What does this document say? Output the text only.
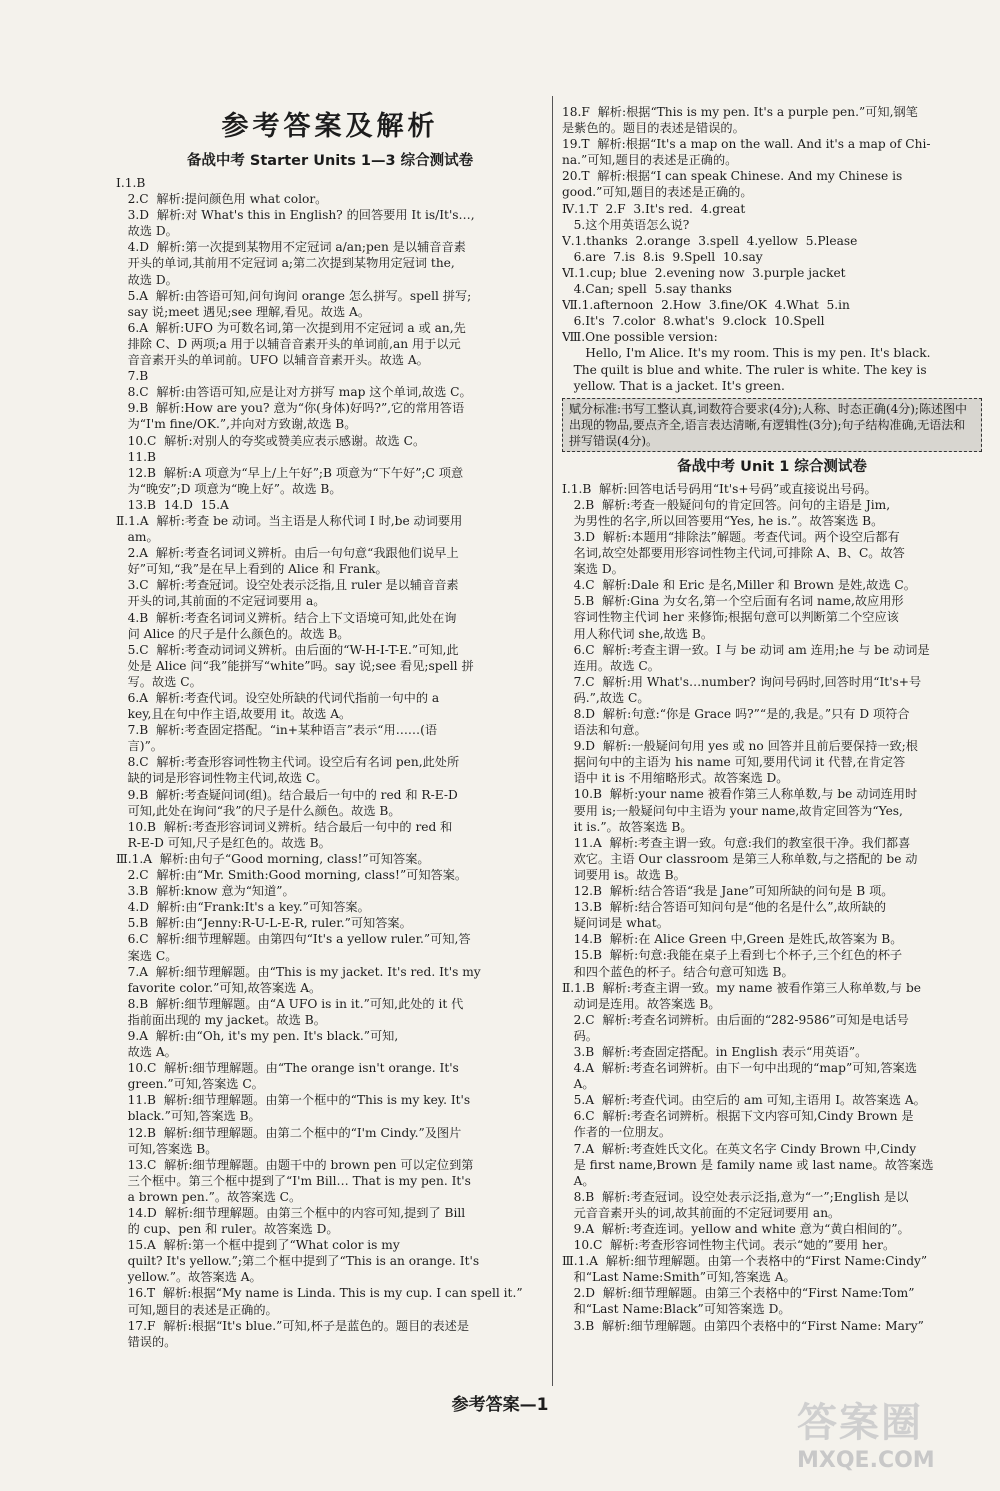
参考答案及解析
备战中考 Starter Units 1—3 综合测试卷
Ⅰ.1.B
2.C  解析:提问颜色用 what color。
3.D  解析:对 What's this in English? 的回答要用 It is/It's…,
故选 D。
4.D  解析:第一次提到某物用不定冠词 a/an;pen 是以辅音音素
开头的单词,其前用不定冠词 a;第二次提到某物用定冠词 the,
故选 D。
5.A  解析:由答语可知,问句询问 orange 怎么拼写。spell 拼写;
say 说;meet 遇见;see 理解,看见。故选 A。
6.A  解析:UFO 为可数名词,第一次提到用不定冠词 a 或 an,先
排除 C、D 两项;a 用于以辅音音素开头的单词前,an 用于以元
音音素开头的单词前。UFO 以辅音音素开头。故选 A。
7.B
8.C  解析:由答语可知,应是让对方拼写 map 这个单词,故选 C。
9.B  解析:How are you? 意为“你(身体)好吗?”,它的常用答语
为“I'm fine/OK.”,并向对方致谢,故选 B。
10.C  解析:对别人的夸奖或赞美应表示感谢。故选 C。
11.B
12.B  解析:A 项意为“早上/上午好”;B 项意为“下午好”;C 项意
为“晚安”;D 项意为“晚上好”。故选 B。
13.B  14.D  15.A
Ⅱ.1.A  解析:考查 be 动词。当主语是人称代词 I 时,be 动词要用
am。
2.A  解析:考查名词词义辨析。由后一句句意“我跟他们说早上
好”可知,“我”是在早上看到的 Alice 和 Frank。
3.C  解析:考查冠词。设空处表示泛指,且 ruler 是以辅音音素
开头的词,其前面的不定冠词要用 a。
4.B  解析:考查名词词义辨析。结合上下文语境可知,此处在询
问 Alice 的尺子是什么颜色的。故选 B。
5.C  解析:考查动词词义辨析。由后面的“W-H-I-T-E.”可知,此
处是 Alice 问“我”能拼写“white”吗。say 说;see 看见;spell 拼
写。故选 C。
6.A  解析:考查代词。设空处所缺的代词代指前一句中的 a
key,且在句中作主语,故要用 it。故选 A。
7.B  解析:考查固定搭配。“in+某种语言”表示“用……(语
言)”。
8.C  解析:考查形容词性物主代词。设空后有名词 pen,此处所
缺的词是形容词性物主代词,故选 C。
9.B  解析:考查疑问词(组)。结合最后一句中的 red 和 R-E-D
可知,此处在询问“我”的尺子是什么颜色。故选 B。
10.B  解析:考查形容词词义辨析。结合最后一句中的 red 和
R-E-D 可知,尺子是红色的。故选 B。
Ⅲ.1.A  解析:由句子“Good morning, class!”可知答案。
2.C  解析:由“Mr. Smith:Good morning, class!”可知答案。
3.B  解析:know 意为“知道”。
4.D  解析:由“Frank:It's a key.”可知答案。
5.B  解析:由“Jenny:R-U-L-E-R, ruler.”可知答案。
6.C  解析:细节理解题。由第四句“It's a yellow ruler.”可知,答
案选 C。
7.A  解析:细节理解题。由“This is my jacket. It's red. It's my
favorite color.”可知,故答案选 A。
8.B  解析:细节理解题。由“A UFO is in it.”可知,此处的 it 代
指前面出现的 my jacket。故选 B。
9.A  解析:由“Oh, it's my pen. It's black.”可知,
故选 A。
10.C  解析:细节理解题。由“The orange isn't orange. It's
green.”可知,答案选 C。
11.B  解析:细节理解题。由第一个框中的“This is my key. It's
black.”可知,答案选 B。
12.B  解析:细节理解题。由第二个框中的“I'm Cindy.”及图片
可知,答案选 B。
13.C  解析:细节理解题。由题干中的 brown pen 可以定位到第
三个框中。第三个框中提到了“I'm Bill… That is my pen. It's
a brown pen.”。故答案选 C。
14.D  解析:细节理解题。由第三个框中的内容可知,提到了 Bill
的 cup、pen 和 ruler。故答案选 D。
15.A  解析:第一个框中提到了“What color is my
quilt? It's yellow.”;第二个框中提到了“This is an orange. It's
yellow.”。故答案选 A。
16.T  解析:根据“My name is Linda. This is my cup. I can spell it.”
可知,题目的表述是正确的。
17.F  解析:根据“It's blue.”可知,杯子是蓝色的。题目的表述是
错误的。
18.F  解析:根据“This is my pen. It's a purple pen.”可知,钢笔
是紫色的。题目的表述是错误的。
19.T  解析:根据“It's a map on the wall. And it's a map of Chi-
na.”可知,题目的表述是正确的。
20.T  解析:根据“I can speak Chinese. And my Chinese is
good.”可知,题目的表述是正确的。
Ⅳ.1.T  2.F  3.It's red.  4.great
5.这个用英语怎么说?
Ⅴ.1.thanks  2.orange  3.spell  4.yellow  5.Please
6.are  7.is  8.is  9.Spell  10.say
Ⅵ.1.cup; blue  2.evening now  3.purple jacket
4.Can; spell  5.say thanks
Ⅶ.1.afternoon  2.How  3.fine/OK  4.What  5.in
6.It's  7.color  8.what's  9.clock  10.Spell
Ⅷ.One possible version:
Hello, I'm Alice. It's my room. This is my pen. It's black.
The quilt is blue and white. The ruler is white. The key is
yellow. That is a jacket. It's green.
赋分标准:书写工整认真,词数符合要求(4分);人称、时态正确(4分);陈述图中出现的物品,要点齐全,语言表达清晰,有逻辑性(3分);句子结构准确,无语法和拼写错误(4分)。
备战中考 Unit 1 综合测试卷
Ⅰ.1.B  解析:回答电话号码用“It's+号码”或直接说出号码。
2.B  解析:考查一般疑问句的肯定回答。问句的主语是 Jim,
为男性的名字,所以回答要用“Yes, he is.”。故答案选 B。
3.D  解析:本题用“排除法”解题。考查代词。两个设空后都有
名词,故空处都要用形容词性物主代词,可排除 A、B、C。故答
案选 D。
4.C  解析:Dale 和 Eric 是名,Miller 和 Brown 是姓,故选 C。
5.B  解析:Gina 为女名,第一个空后面有名词 name,故应用形
容词性物主代词 her 来修饰;根据句意可以判断第二个空应该
用人称代词 she,故选 B。
6.C  解析:考查主谓一致。I 与 be 动词 am 连用;he 与 be 动词是
连用。故选 C。
7.C  解析:用 What's…number? 询问号码时,回答时用“It's+号
码.”,故选 C。
8.D  解析:句意:“你是 Grace 吗?”“是的,我是。”只有 D 项符合
语法和句意。
9.D  解析:一般疑问句用 yes 或 no 回答并且前后要保持一致;根
据问句中的主语为 his name 可知,要用代词 it 代替,在肯定答
语中 it is 不用缩略形式。故答案选 D。
10.B  解析:your name 被看作第三人称单数,与 be 动词连用时
要用 is;一般疑问句中主语为 your name,故肯定回答为“Yes,
it is.”。故答案选 B。
11.A  解析:考查主谓一致。句意:我们的教室很干净。我们都喜
欢它。主语 Our classroom 是第三人称单数,与之搭配的 be 动
词要用 is。故选 B。
12.B  解析:结合答语“我是 Jane”可知所缺的问句是 B 项。
13.B  解析:结合答语可知问句是“他的名是什么”,故所缺的
疑问词是 what。
14.B  解析:在 Alice Green 中,Green 是姓氏,故答案为 B。
15.B  解析:句意:我能在桌子上看到七个杯子,三个红色的杯子
和四个蓝色的杯子。结合句意可知选 B。
Ⅱ.1.B  解析:考查主谓一致。my name 被看作第三人称单数,与 be
动词是连用。故答案选 B。
2.C  解析:考查名词辨析。由后面的“282-9586”可知是电话号
码。
3.B  解析:考查固定搭配。in English 表示“用英语”。
4.A  解析:考查名词辨析。由下一句中出现的“map”可知,答案选
A。
5.A  解析:考查代词。由空后的 am 可知,主语用 I。故答案选 A。
6.C  解析:考查名词辨析。根据下文内容可知,Cindy Brown 是
作者的一位朋友。
7.A  解析:考查姓氏文化。在英文名字 Cindy Brown 中,Cindy
是 first name,Brown 是 family name 或 last name。故答案选
A。
8.B  解析:考查冠词。设空处表示泛指,意为“一”;English 是以
元音音素开头的词,故其前面的不定冠词要用 an。
9.A  解析:考查连词。yellow and white 意为“黄白相间的”。
10.C  解析:考查形容词性物主代词。表示“她的”要用 her。
Ⅲ.1.A  解析:细节理解题。由第一个表格中的“First Name:Cindy”
和“Last Name:Smith”可知,答案选 A。
2.D  解析:细节理解题。由第三个表格中的“First Name:Tom”
和“Last Name:Black”可知答案选 D。
3.B  解析:细节理解题。由第四个表格中的“First Name: Mary”
参考答案—1	答案圈
MXQE.COM
